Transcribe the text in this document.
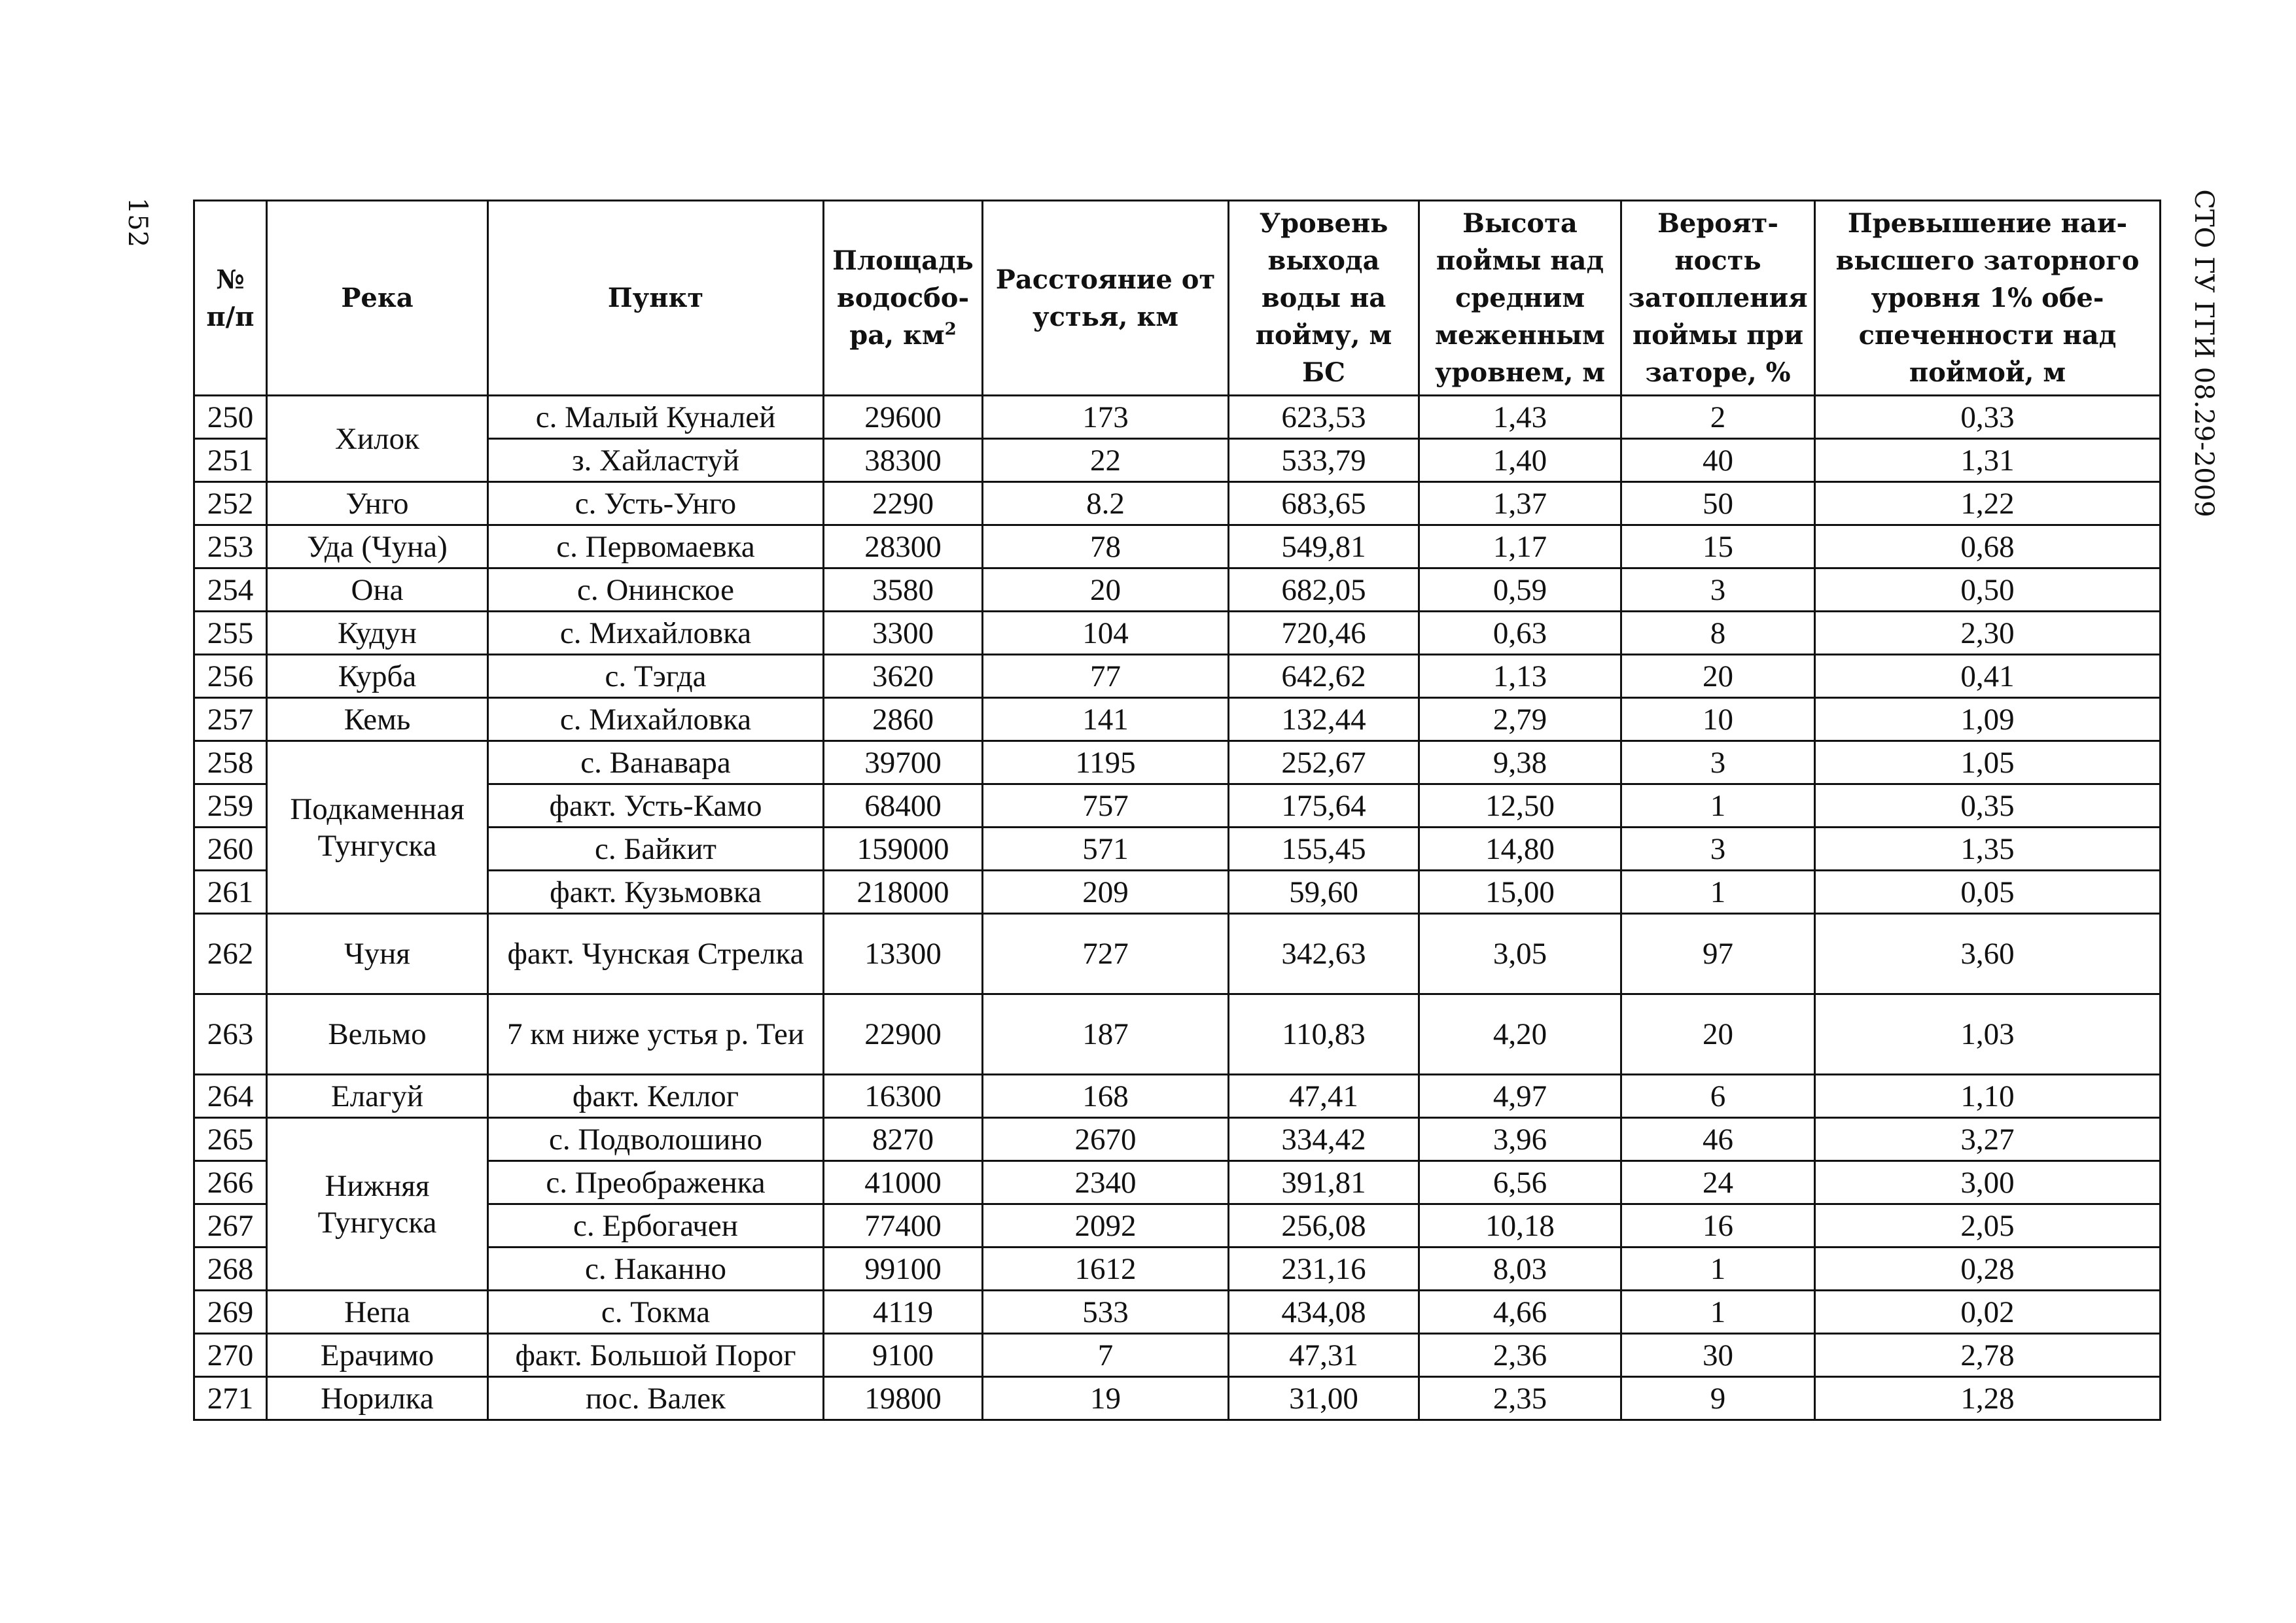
152	СТО ГУ ГГИ 08.29-2009
№ п/п	Река	Пункт	Площадь водосбо-ра, $км^2$	Расстояние от устья, км	Уровень выхода воды на пойму, м БС	Высота поймы над средним меженным уровнем, м	Вероят-ность затопления поймы при заторе, %	Превышение наи-высшего заторного уровня 1% обе-спеченности над поймой, м
250	Хилок	с. Малый Куналей	29600	173	623,53	1,43	2	0,33
251		з. Хайластуй	38300	22	533,79	1,40	40	1,31
252	Унго	с. Усть-Унго	2290	8.2	683,65	1,37	50	1,22
253	Уда (Чуна)	с. Первомаевка	28300	78	549,81	1,17	15	0,68
254	Она	с. Онинское	3580	20	682,05	0,59	3	0,50
255	Кудун	с. Михайловка	3300	104	720,46	0,63	8	2,30
256	Курба	с. Тэгда	3620	77	642,62	1,13	20	0,41
257	Кемь	с. Михайловка	2860	141	132,44	2,79	10	1,09
258	Подкаменная Тунгуска	с. Ванавара	39700	1195	252,67	9,38	3	1,05
259		факт. Усть-Камо	68400	757	175,64	12,50	1	0,35
260		с. Байкит	159000	571	155,45	14,80	3	1,35
261		факт. Кузьмовка	218000	209	59,60	15,00	1	0,05
262	Чуня	факт. Чунская Стрелка	13300	727	342,63	3,05	97	3,60
263	Вельмо	7 км ниже устья р. Теи	22900	187	110,83	4,20	20	1,03
264	Елагуй	факт. Келлог	16300	168	47,41	4,97	6	1,10
265	Нижняя Тунгуска	с. Подволошино	8270	2670	334,42	3,96	46	3,27
266		с. Преображенка	41000	2340	391,81	6,56	24	3,00
267		с. Ербогачен	77400	2092	256,08	10,18	16	2,05
268		с. Наканно	99100	1612	231,16	8,03	1	0,28
269	Непа	с. Токма	4119	533	434,08	4,66	1	0,02
270	Ерачимо	факт. Большой Порог	9100	7	47,31	2,36	30	2,78
271	Норилка	пос. Валек	19800	19	31,00	2,35	9	1,28
